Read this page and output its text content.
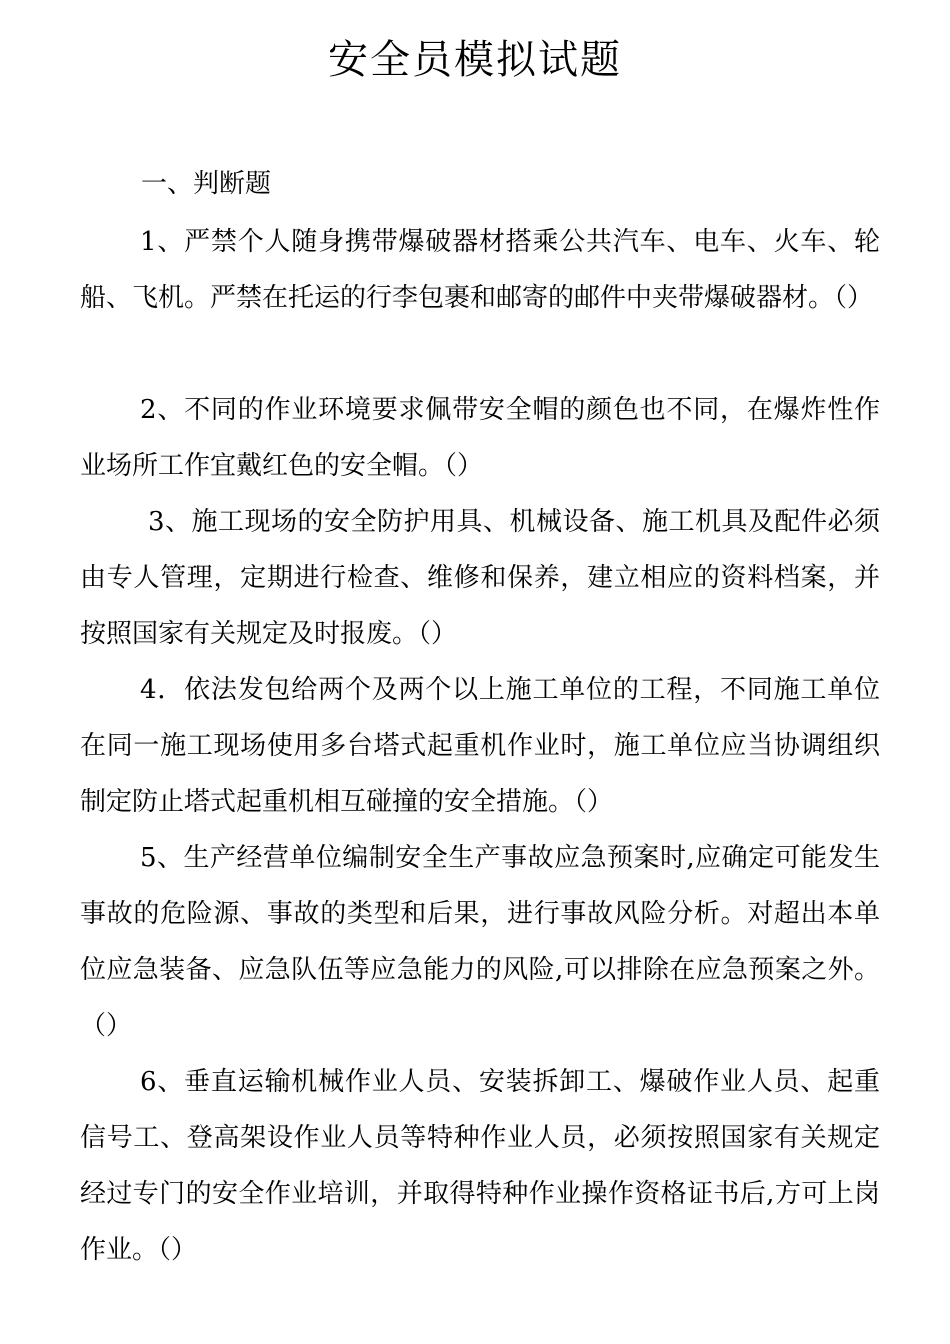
安全员模拟试题
一、判断题

1、严禁个人随身携带爆破器材搭乘公共汽车、电车、火车、轮船、飞机。严禁在托运的行李包裹和邮寄的邮件中夹带爆破器材。（）

2、不同的作业环境要求佩带安全帽的颜色也不同，在爆炸性作业场所工作宜戴红色的安全帽。（）

3、施工现场的安全防护用具、机械设备、施工机具及配件必须由专人管理，定期进行检查、维修和保养，建立相应的资料档案，并按照国家有关规定及时报废。（）

4．依法发包给两个及两个以上施工单位的工程，不同施工单位在同一施工现场使用多台塔式起重机作业时，施工单位应当协调组织制定防止塔式起重机相互碰撞的安全措施。（）

5、生产经营单位编制安全生产事故应急预案时,应确定可能发生事故的危险源、事故的类型和后果，进行事故风险分析。对超出本单位应急装备、应急队伍等应急能力的风险,可以排除在应急预案之外。（）

6、垂直运输机械作业人员、安装拆卸工、爆破作业人员、起重信号工、登高架设作业人员等特种作业人员，必须按照国家有关规定经过专门的安全作业培训，并取得特种作业操作资格证书后,方可上岗作业。（）
